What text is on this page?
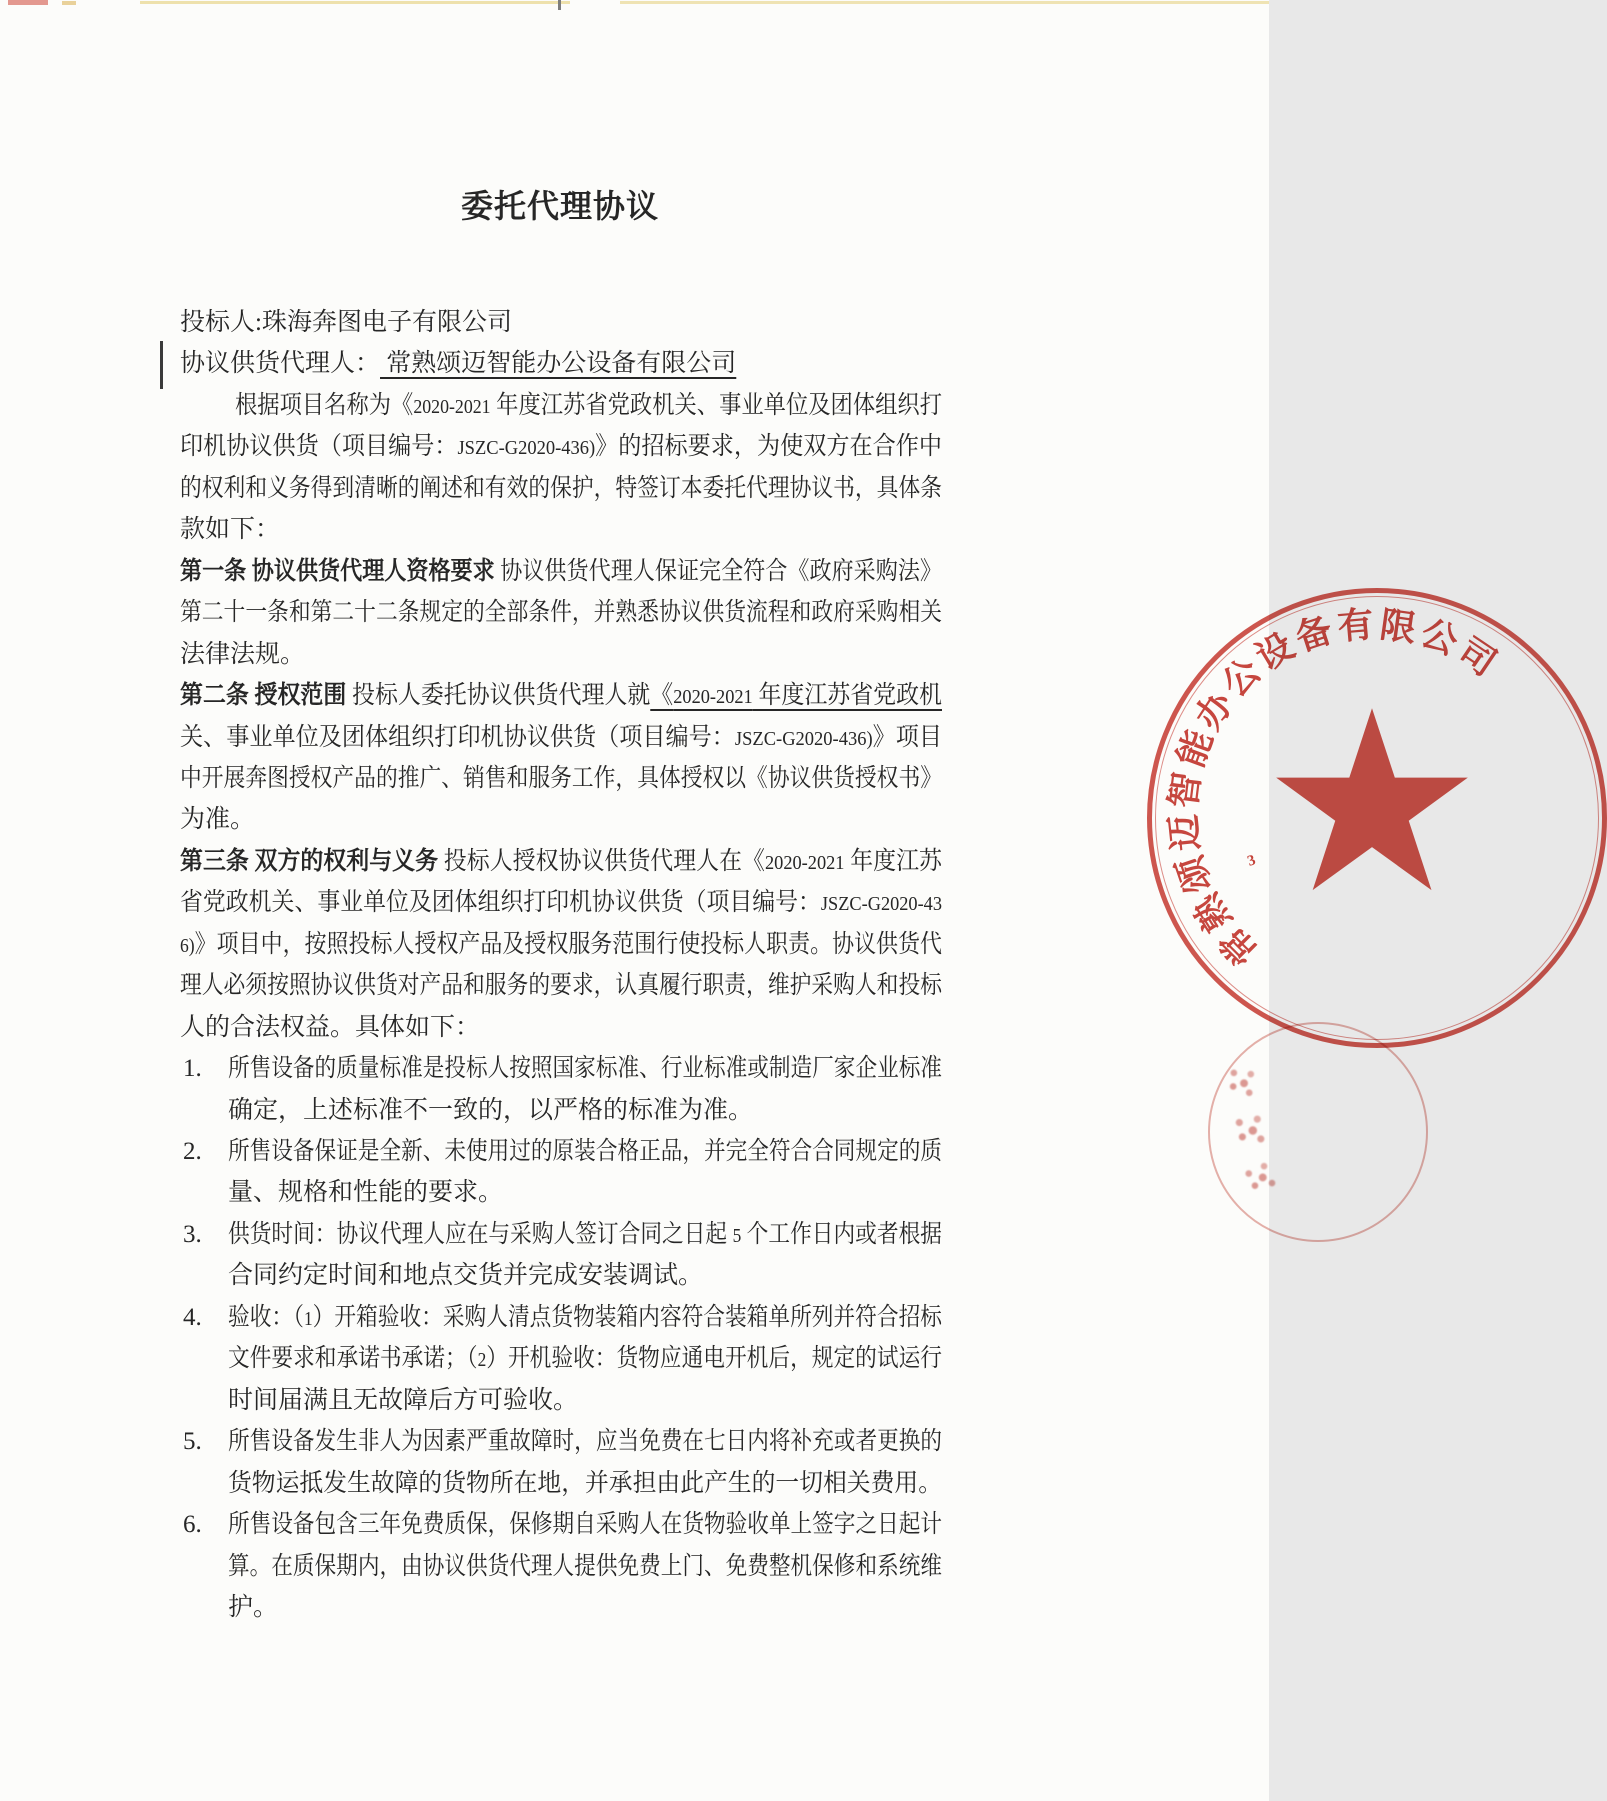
委托代理协议
投标人:珠海奔图电子有限公司
协议供货代理人： 常熟颂迈智能办公设备有限公司
根据项目名称为《2020-2021 年度江苏省党政机关、事业单位及团体组织打
印机协议供货（项目编号：JSZC-G2020-436)》的招标要求，为使双方在合作中
的权利和义务得到清晰的阐述和有效的保护，特签订本委托代理协议书，具体条
款如下：
第一条 协议供货代理人资格要求 协议供货代理人保证完全符合《政府采购法》
第二十一条和第二十二条规定的全部条件，并熟悉协议供货流程和政府采购相关
法律法规。
第二条 授权范围 投标人委托协议供货代理人就《2020-2021 年度江苏省党政机
关、事业单位及团体组织打印机协议供货（项目编号：JSZC-G2020-436)》项目
中开展奔图授权产品的推广、销售和服务工作，具体授权以《协议供货授权书》
为准。
第三条 双方的权利与义务 投标人授权协议供货代理人在《2020-2021 年度江苏
省党政机关、事业单位及团体组织打印机协议供货（项目编号：JSZC-G2020-43
6)》项目中，按照投标人授权产品及授权服务范围行使投标人职责。协议供货代
理人必须按照协议供货对产品和服务的要求，认真履行职责，维护采购人和投标
人的合法权益。具体如下：
1. 所售设备的质量标准是投标人按照国家标准、行业标准或制造厂家企业标准
确定，上述标准不一致的，以严格的标准为准。
2. 所售设备保证是全新、未使用过的原装合格正品，并完全符合合同规定的质
量、规格和性能的要求。
3. 供货时间：协议代理人应在与采购人签订合同之日起 5 个工作日内或者根据
合同约定时间和地点交货并完成安装调试。
4. 验收：（1）开箱验收：采购人清点货物装箱内容符合装箱单所列并符合招标
文件要求和承诺书承诺；（2）开机验收：货物应通电开机后，规定的试运行
时间届满且无故障后方可验收。
5. 所售设备发生非人为因素严重故障时，应当免费在七日内将补充或者更换的
货物运抵发生故障的货物所在地，并承担由此产生的一切相关费用。
6. 所售设备包含三年免费质保，保修期自采购人在货物验收单上签字之日起计
算。在质保期内，由协议供货代理人提供免费上门、免费整机保修和系统维
护。
★
3
常
熟
颂
迈
智
能
办
公
设
备
有 限
公
司
